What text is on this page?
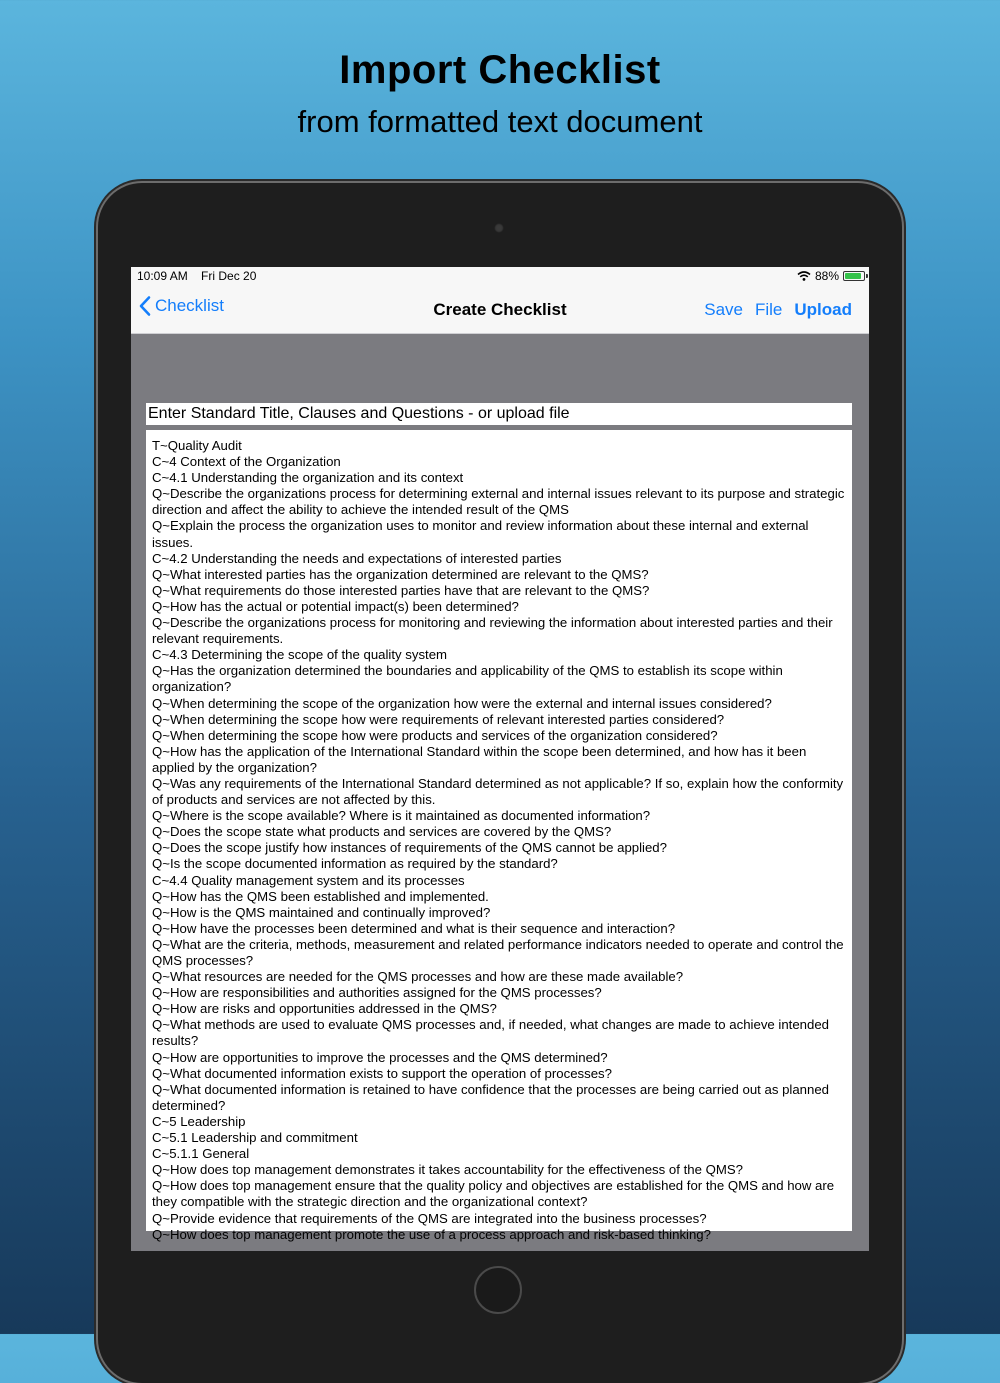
Import Checklist
from formatted text document
10:09 AM Fri Dec 20	88%
Checklist	Create Checklist	Save File Upload
Enter Standard Title, Clauses and Questions - or upload file
T~Quality Audit
C~4 Context of the Organization
C~4.1 Understanding the organization and its context
Q~Describe the organizations process for determining external and internal issues relevant to its purpose and strategic direction and affect the ability to achieve the intended result of the QMS
Q~Explain the process the organization uses to monitor and review information about these internal and external issues.
C~4.2 Understanding the needs and expectations of interested parties
Q~What interested parties has the organization determined are relevant to the QMS?
Q~What requirements do those interested parties have that are relevant to the QMS?
Q~How has the actual or potential impact(s) been determined?
Q~Describe the organizations process for monitoring and reviewing the information about interested parties and their relevant requirements.
C~4.3 Determining the scope of the quality system
Q~Has the organization determined the boundaries and applicability of the QMS to establish its scope within organization?
Q~When determining the scope of the organization how were the external and internal issues considered?
Q~When determining the scope how were requirements of relevant interested parties considered?
Q~When determining the scope how were products and services of the organization considered?
Q~How has the application of the International Standard within the scope been determined, and how has it been applied by the organization?
Q~Was any requirements of the International Standard determined as not applicable? If so, explain how the conformity of products and services are not affected by this.
Q~Where is the scope available? Where is it maintained as documented information?
Q~Does the scope state what products and services are covered by the QMS?
Q~Does the scope justify how instances of requirements of the QMS cannot be applied?
Q~Is the scope documented information as required by the standard?
C~4.4 Quality management system and its processes
Q~How has the QMS been established and implemented.
Q~How is the QMS maintained and continually improved?
Q~How have the processes been determined and what is their sequence and interaction?
Q~What are the criteria, methods, measurement and related performance indicators needed to operate and control the QMS processes?
Q~What resources are needed for the QMS processes and how are these made available?
Q~How are responsibilities and authorities assigned for the QMS processes?
Q~How are risks and opportunities addressed in the QMS?
Q~What methods are used to evaluate QMS processes and, if needed, what changes are made to achieve intended results?
Q~How are opportunities to improve the processes and the QMS determined?
Q~What documented information exists to support the operation of processes?
Q~What documented information is retained to have confidence that the processes are being carried out as planned determined?
C~5 Leadership
C~5.1 Leadership and commitment
C~5.1.1 General
Q~How does top management demonstrates it takes accountability for the effectiveness of the QMS?
Q~How does top management ensure that the quality policy and objectives are established for the QMS and how are they compatible with the strategic direction and the organizational context?
Q~Provide evidence that requirements of the QMS are integrated into the business processes?
Q~How does top management promote the use of a process approach and risk-based thinking?
